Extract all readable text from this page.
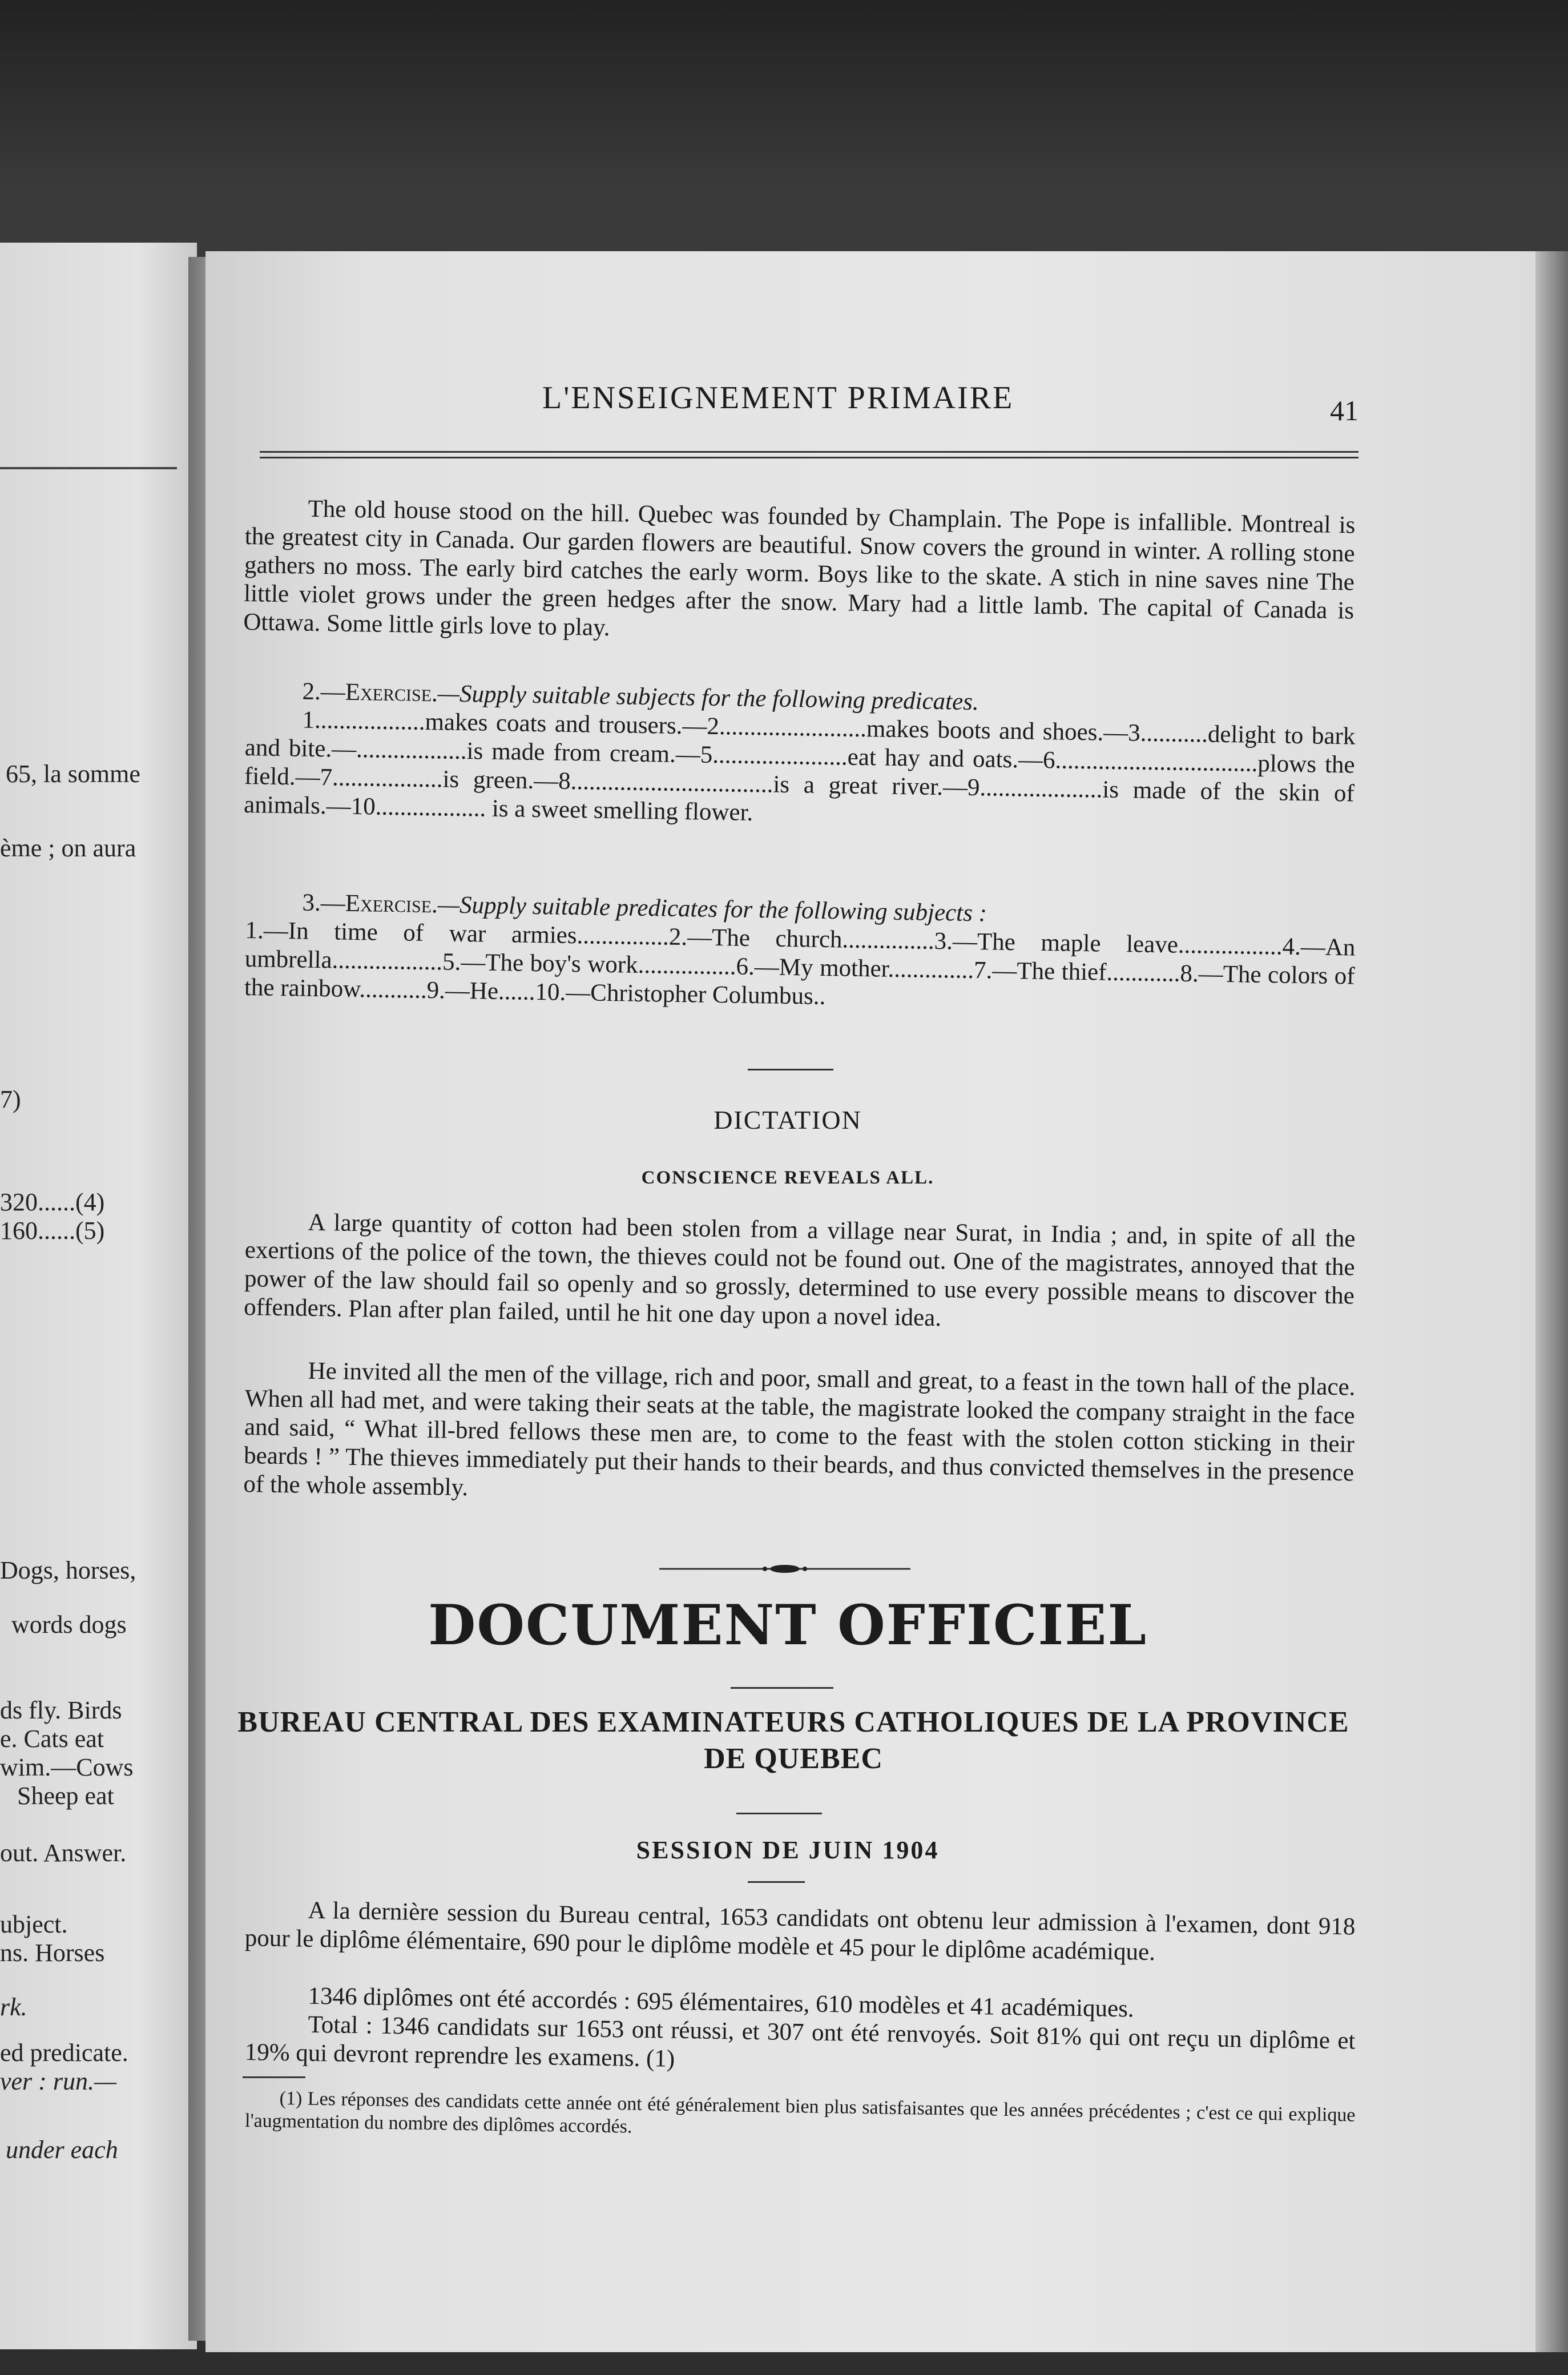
65, la somme
ème ; on aura
7)
320......(4)
160......(5)
Dogs, horses,
words dogs
ds fly. Birds
e. Cats eat
wim.—Cows
Sheep eat
out. Answer.
ubject.
ns. Horses
rk.
ed predicate.
ver : run.—
under each
L'ENSEIGNEMENT PRIMAIRE	41

The old house stood on the hill. Quebec was founded by Champlain. The Pope is infallible. Montreal is the greatest city in Canada. Our garden flowers are beautiful. Snow covers the ground in winter. A rolling stone gathers no moss. The early bird catches the early worm. Boys like to the skate. A stich in nine saves nine The little violet grows under the green hedges after the snow. Mary had a little lamb. The capital of Canada is Ottawa. Some little girls love to play.

2.—Exercise.—Supply suitable subjects for the following predicates.

1..................makes coats and trousers.—2........................makes boots and shoes.—3...........delight to bark and bite.—..................is made from cream.—5......................eat hay and oats.—6.................................plows the field.—7..................is green.—8.................................is a great river.—9....................is made of the skin of animals.—10.................. is a sweet smelling flower.

3.—Exercise.—Supply suitable predicates for the following subjects :

1.—In time of war armies...............2.—The church...............3.—The maple leave.................4.—An umbrella..................5.—The boy's work................6.—My mother..............7.—The thief............8.—The colors of the rainbow...........9.—He......10.—Christopher Columbus..

DICTATION
CONSCIENCE REVEALS ALL.

A large quantity of cotton had been stolen from a village near Surat, in India ; and, in spite of all the exertions of the police of the town, the thieves could not be found out. One of the magistrates, annoyed that the power of the law should fail so openly and so grossly, determined to use every possible means to discover the offenders. Plan after plan failed, until he hit one day upon a novel idea.

He invited all the men of the village, rich and poor, small and great, to a feast in the town hall of the place. When all had met, and were taking their seats at the table, the magistrate looked the company straight in the face and said, “ What ill-bred fellows these men are, to come to the feast with the stolen cotton sticking in their beards ! ” The thieves immediately put their hands to their beards, and thus convicted themselves in the presence of the whole assembly.

DOCUMENT OFFICIEL
BUREAU CENTRAL DES EXAMINATEURS CATHOLIQUES DE LA PROVINCE DE QUEBEC
SESSION DE JUIN 1904

A la dernière session du Bureau central, 1653 candidats ont obtenu leur admission à l'examen, dont 918 pour le diplôme élémentaire, 690 pour le diplôme modèle et 45 pour le diplôme académique.

1346 diplômes ont été accordés : 695 élémentaires, 610 modèles et 41 académiques.

Total : 1346 candidats sur 1653 ont réussi, et 307 ont été renvoyés. Soit 81% qui ont reçu un diplôme et 19% qui devront reprendre les examens. (1)

(1) Les réponses des candidats cette année ont été généralement bien plus satisfaisantes que les années précédentes ; c'est ce qui explique l'augmentation du nombre des diplômes accordés.
